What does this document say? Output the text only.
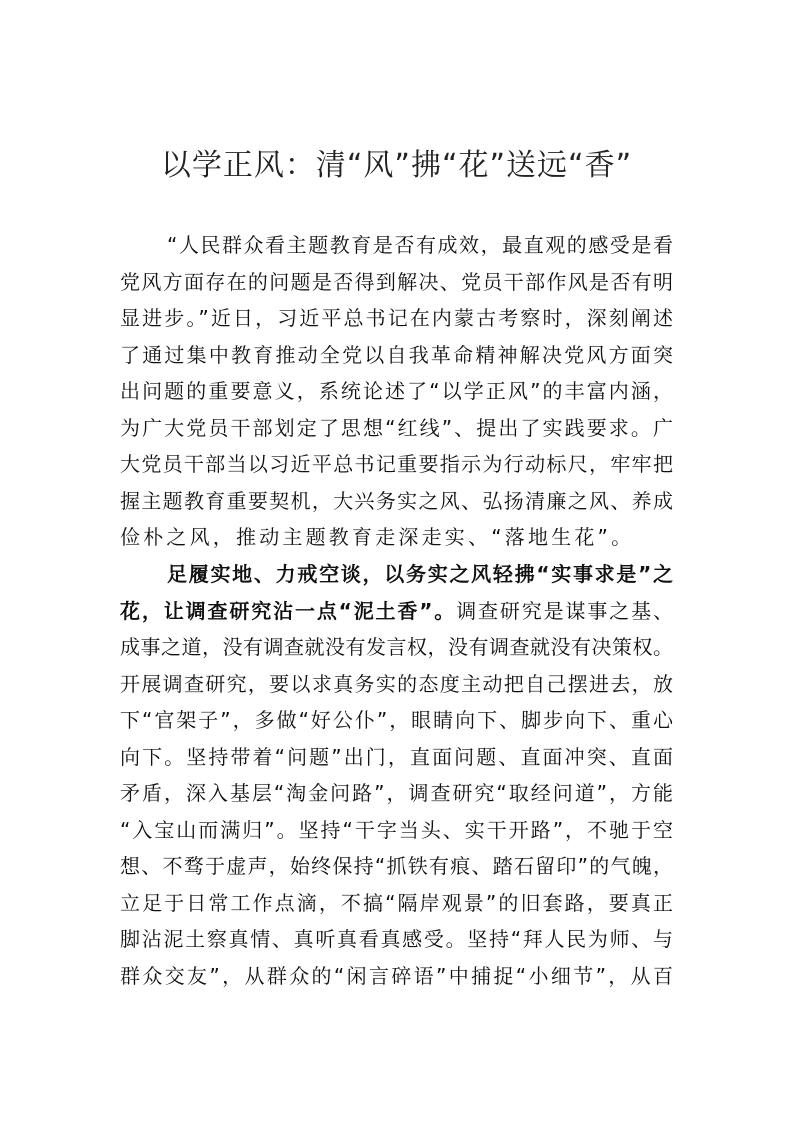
以学正风：清“风”拂“花”送远“香”
“人民群众看主题教育是否有成效，最直观的感受是看
党风方面存在的问题是否得到解决、党员干部作风是否有明
显进步。”近日，习近平总书记在内蒙古考察时，深刻阐述
了通过集中教育推动全党以自我革命精神解决党风方面突
出问题的重要意义，系统论述了“以学正风”的丰富内涵，
为广大党员干部划定了思想“红线”、提出了实践要求。广
大党员干部当以习近平总书记重要指示为行动标尺，牢牢把
握主题教育重要契机，大兴务实之风、弘扬清廉之风、养成
俭朴之风，推动主题教育走深走实、“落地生花”。
足履实地、力戒空谈，以务实之风轻拂“实事求是”之
花，让调查研究沾一点“泥土香”。调查研究是谋事之基、
成事之道，没有调查就没有发言权，没有调查就没有决策权。
开展调查研究，要以求真务实的态度主动把自己摆进去，放
下“官架子”，多做“好公仆”，眼睛向下、脚步向下、重心
向下。坚持带着“问题”出门，直面问题、直面冲突、直面
矛盾，深入基层“淘金问路”，调查研究“取经问道”，方能
“入宝山而满归”。坚持“干字当头、实干开路”，不驰于空
想、不骛于虚声，始终保持“抓铁有痕、踏石留印”的气魄，
立足于日常工作点滴，不搞“隔岸观景”的旧套路，要真正
脚沾泥土察真情、真听真看真感受。坚持“拜人民为师、与
群众交友”，从群众的“闲言碎语”中捕捉“小细节”，从百
